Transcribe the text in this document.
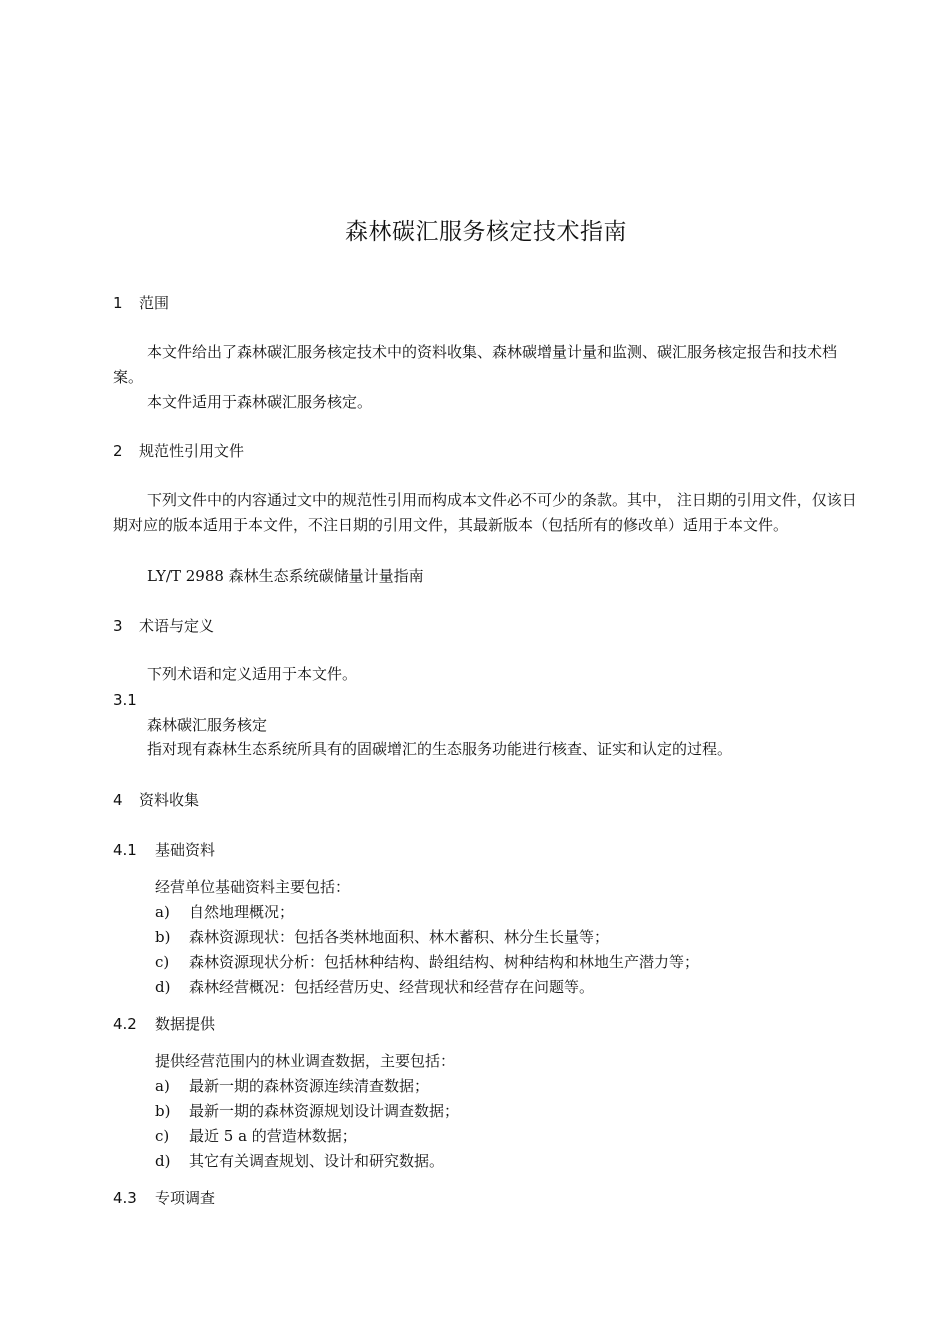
森林碳汇服务核定技术指南
1 范围
本文件给出了森林碳汇服务核定技术中的资料收集、森林碳增量计量和监测、碳汇服务核定报告和技术档案。
本文件适用于森林碳汇服务核定。
2 规范性引用文件
下列文件中的内容通过文中的规范性引用而构成本文件必不可少的条款。其中， 注日期的引用文件，仅该日期对应的版本适用于本文件，不注日期的引用文件，其最新版本（包括所有的修改单）适用于本文件。
LY/T 2988 森林生态系统碳储量计量指南
3 术语与定义
下列术语和定义适用于本文件。
3.1
森林碳汇服务核定
指对现有森林生态系统所具有的固碳增汇的生态服务功能进行核查、证实和认定的过程。
4 资料收集
4.1 基础资料
经营单位基础资料主要包括：
a) 自然地理概况；
b) 森林资源现状：包括各类林地面积、林木蓄积、林分生长量等；
c) 森林资源现状分析：包括林种结构、龄组结构、树种结构和林地生产潜力等；
d) 森林经营概况：包括经营历史、经营现状和经营存在问题等。
4.2 数据提供
提供经营范围内的林业调查数据，主要包括：
a) 最新一期的森林资源连续清查数据；
b) 最新一期的森林资源规划设计调查数据；
c) 最近 5 a 的营造林数据；
d) 其它有关调查规划、设计和研究数据。
4.3 专项调查
